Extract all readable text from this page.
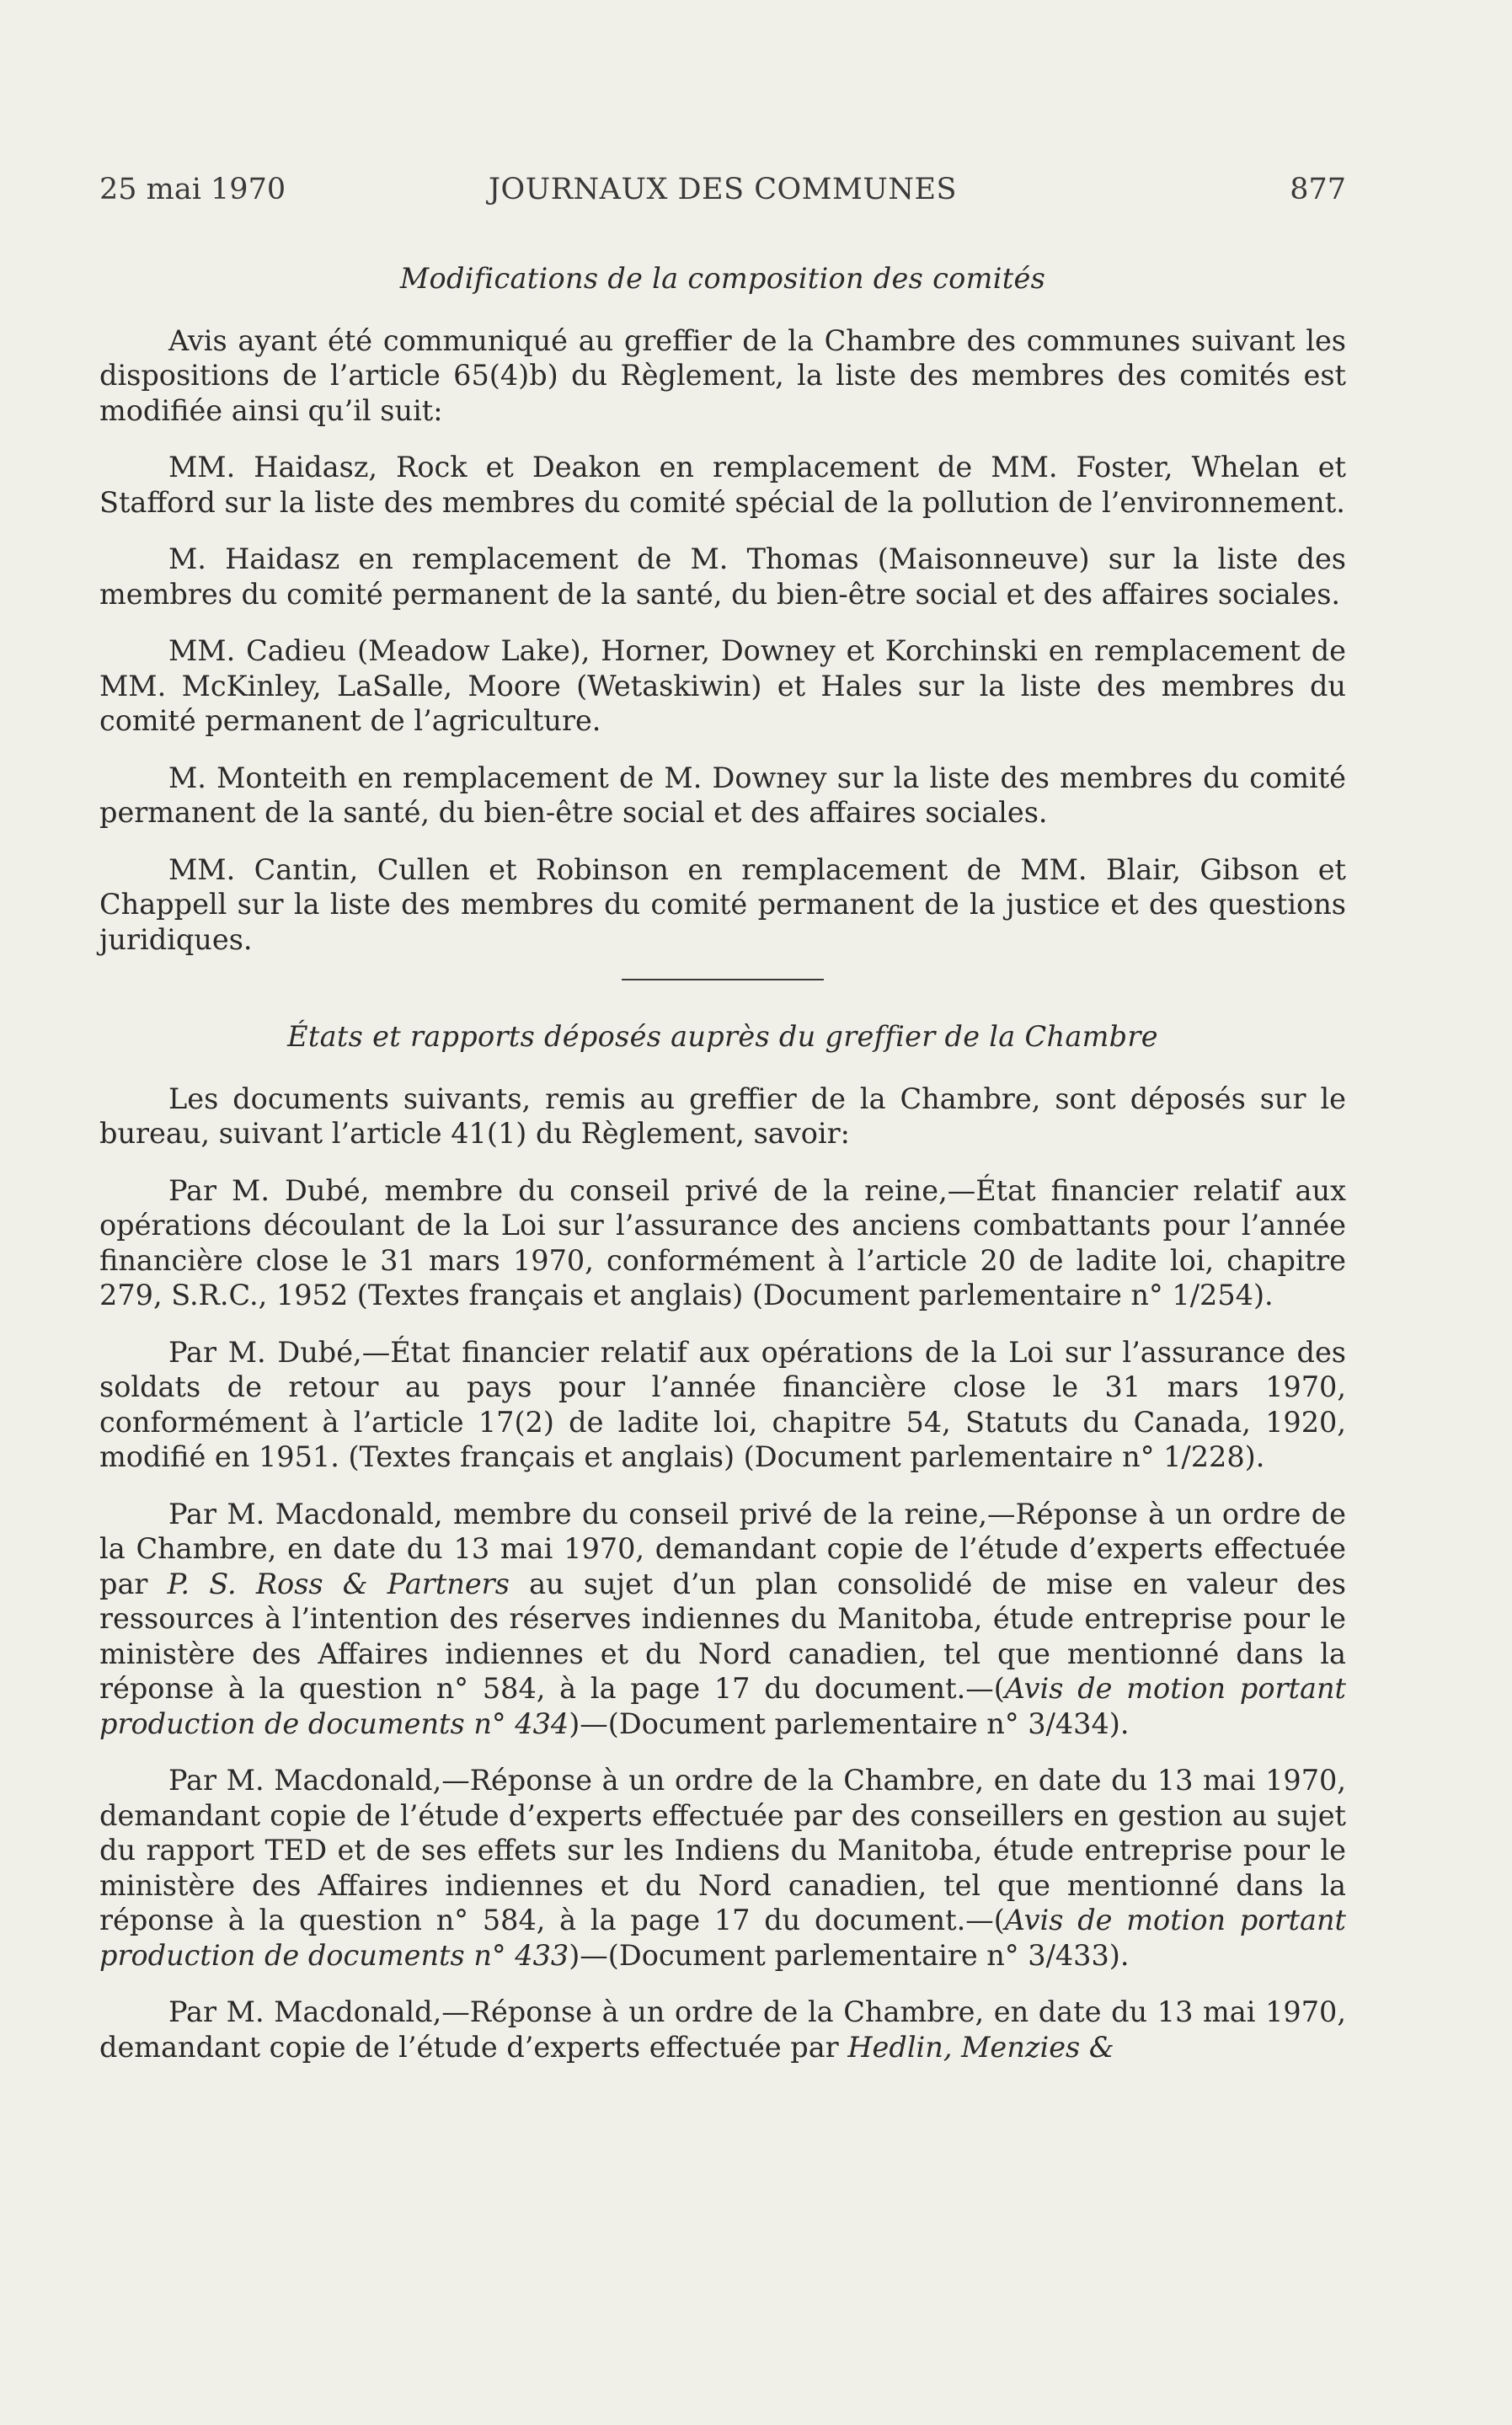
25 mai 1970	JOURNAUX DES COMMUNES	877
Modifications de la composition des comités

Avis ayant été communiqué au greffier de la Chambre des communes suivant les dispositions de l’article 65(4)b) du Règlement, la liste des membres des comités est modifiée ainsi qu’il suit:

MM. Haidasz, Rock et Deakon en remplacement de MM. Foster, Whelan et Stafford sur la liste des membres du comité spécial de la pollution de l’environnement.

M. Haidasz en remplacement de M. Thomas (Maisonneuve) sur la liste des membres du comité permanent de la santé, du bien-être social et des affaires sociales.

MM. Cadieu (Meadow Lake), Horner, Downey et Korchinski en remplacement de MM. McKinley, LaSalle, Moore (Wetaskiwin) et Hales sur la liste des membres du comité permanent de l’agriculture.

M. Monteith en remplacement de M. Downey sur la liste des membres du comité permanent de la santé, du bien-être social et des affaires sociales.

MM. Cantin, Cullen et Robinson en remplacement de MM. Blair, Gibson et Chappell sur la liste des membres du comité permanent de la justice et des questions juridiques.

États et rapports déposés auprès du greffier de la Chambre

Les documents suivants, remis au greffier de la Chambre, sont déposés sur le bureau, suivant l’article 41(1) du Règlement, savoir:

Par M. Dubé, membre du conseil privé de la reine,—État financier relatif aux opérations découlant de la Loi sur l’assurance des anciens combattants pour l’année financière close le 31 mars 1970, conformément à l’article 20 de ladite loi, chapitre 279, S.R.C., 1952 (Textes français et anglais) (Document parlementaire n° 1/254).

Par M. Dubé,—État financier relatif aux opérations de la Loi sur l’assurance des soldats de retour au pays pour l’année financière close le 31 mars 1970, conformément à l’article 17(2) de ladite loi, chapitre 54, Statuts du Canada, 1920, modifié en 1951. (Textes français et anglais) (Document parlementaire n° 1/228).

Par M. Macdonald, membre du conseil privé de la reine,—Réponse à un ordre de la Chambre, en date du 13 mai 1970, demandant copie de l’étude d’experts effectuée par P. S. Ross & Partners au sujet d’un plan consolidé de mise en valeur des ressources à l’intention des réserves indiennes du Manitoba, étude entreprise pour le ministère des Affaires indiennes et du Nord canadien, tel que mentionné dans la réponse à la question n° 584, à la page 17 du document.—(Avis de motion portant production de documents n° 434)—(Document parlementaire n° 3/434).

Par M. Macdonald,—Réponse à un ordre de la Chambre, en date du 13 mai 1970, demandant copie de l’étude d’experts effectuée par des conseillers en gestion au sujet du rapport TED et de ses effets sur les Indiens du Manitoba, étude entreprise pour le ministère des Affaires indiennes et du Nord canadien, tel que mentionné dans la réponse à la question n° 584, à la page 17 du document.—(Avis de motion portant production de documents n° 433)—(Document parlementaire n° 3/433).

Par M. Macdonald,—Réponse à un ordre de la Chambre, en date du 13 mai 1970, demandant copie de l’étude d’experts effectuée par Hedlin, Menzies &
